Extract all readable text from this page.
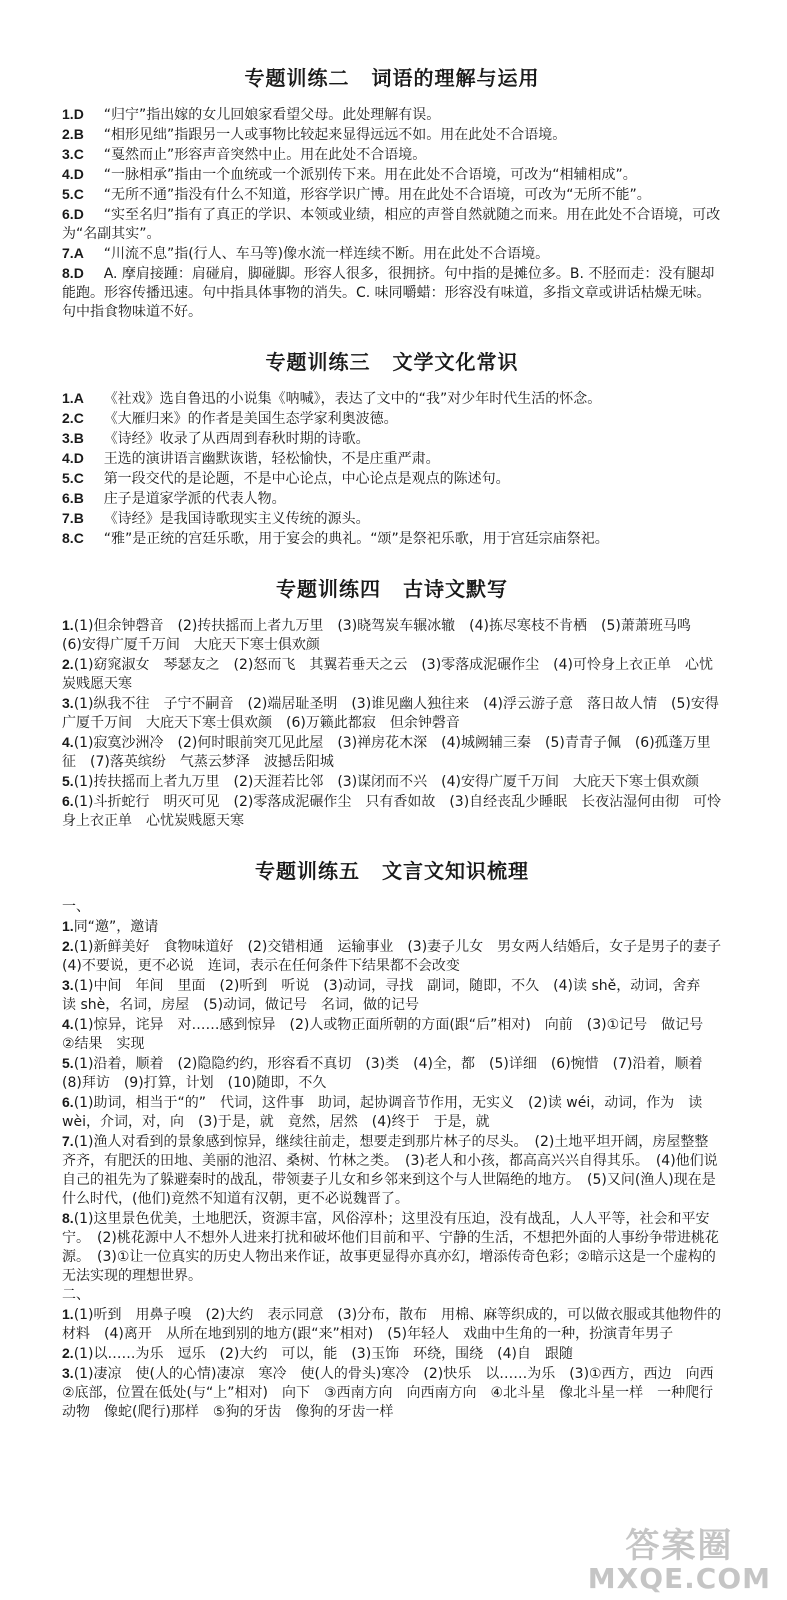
专题训练二 词语的理解与运用

1.D “归宁”指出嫁的女儿回娘家看望父母。此处理解有误。

2.B “相形见绌”指跟另一人或事物比较起来显得远远不如。用在此处不合语境。

3.C “戛然而止”形容声音突然中止。用在此处不合语境。

4.D “一脉相承”指由一个血统或一个派别传下来。用在此处不合语境，可改为“相辅相成”。

5.C “无所不通”指没有什么不知道，形容学识广博。用在此处不合语境，可改为“无所不能”。

6.D “实至名归”指有了真正的学识、本领或业绩，相应的声誉自然就随之而来。用在此处不合语境，可改为“名副其实”。

7.A “川流不息”指(行人、车马等)像水流一样连续不断。用在此处不合语境。

8.D A. 摩肩接踵：肩碰肩，脚碰脚。形容人很多，很拥挤。句中指的是摊位多。B. 不胫而走：没有腿却能跑。形容传播迅速。句中指具体事物的消失。C. 味同嚼蜡：形容没有味道，多指文章或讲话枯燥无味。句中指食物味道不好。

专题训练三 文学文化常识

1.A 《社戏》选自鲁迅的小说集《呐喊》，表达了文中的“我”对少年时代生活的怀念。

2.C 《大雁归来》的作者是美国生态学家利奥波德。

3.B 《诗经》收录了从西周到春秋时期的诗歌。

4.D 王选的演讲语言幽默诙谐，轻松愉快，不是庄重严肃。

5.C 第一段交代的是论题，不是中心论点，中心论点是观点的陈述句。

6.B 庄子是道家学派的代表人物。

7.B 《诗经》是我国诗歌现实主义传统的源头。

8.C “雅”是正统的宫廷乐歌，用于宴会的典礼。“颂”是祭祀乐歌，用于宫廷宗庙祭祀。

专题训练四 古诗文默写

1.(1)但余钟磬音　(2)抟扶摇而上者九万里　(3)晓驾炭车辗冰辙　(4)拣尽寒枝不肯栖　(5)萧萧班马鸣　(6)安得广厦千万间　大庇天下寒士俱欢颜

2.(1)窈窕淑女　琴瑟友之　(2)怒而飞　其翼若垂天之云　(3)零落成泥碾作尘　(4)可怜身上衣正单　心忧炭贱愿天寒

3.(1)纵我不往　子宁不嗣音　(2)端居耻圣明　(3)谁见幽人独往来　(4)浮云游子意　落日故人情　(5)安得广厦千万间　大庇天下寒士俱欢颜　(6)万籁此都寂　但余钟磬音

4.(1)寂寞沙洲冷　(2)何时眼前突兀见此屋　(3)禅房花木深　(4)城阙辅三秦　(5)青青子佩　(6)孤蓬万里征　(7)落英缤纷　气蒸云梦泽　波撼岳阳城

5.(1)抟扶摇而上者九万里　(2)天涯若比邻　(3)谋闭而不兴　(4)安得广厦千万间　大庇天下寒士俱欢颜

6.(1)斗折蛇行　明灭可见　(2)零落成泥碾作尘　只有香如故　(3)自经丧乱少睡眠　长夜沾湿何由彻　可怜身上衣正单　心忧炭贱愿天寒

专题训练五 文言文知识梳理

一、

1.同“邀”，邀请

2.(1)新鲜美好　食物味道好　(2)交错相通　运输事业　(3)妻子儿女　男女两人结婚后，女子是男子的妻子　(4)不要说，更不必说　连词，表示在任何条件下结果都不会改变

3.(1)中间　年间　里面　(2)听到　听说　(3)动词，寻找　副词，随即，不久　(4)读 shě，动词，舍弃　读 shè，名词，房屋　(5)动词，做记号　名词，做的记号

4.(1)惊异，诧异　对……感到惊异　(2)人或物正面所朝的方面(跟“后”相对)　向前　(3)①记号　做记号　②结果　实现

5.(1)沿着，顺着　(2)隐隐约约，形容看不真切　(3)类　(4)全，都　(5)详细　(6)惋惜　(7)沿着，顺着　(8)拜访　(9)打算，计划　(10)随即，不久

6.(1)助词，相当于“的”　代词，这件事　助词，起协调音节作用，无实义　(2)读 wéi，动词，作为　读 wèi，介词，对，向　(3)于是，就　竟然，居然　(4)终于　于是，就

7.(1)渔人对看到的景象感到惊异，继续往前走，想要走到那片林子的尽头。　(2)土地平坦开阔，房屋整整齐齐，有肥沃的田地、美丽的池沼、桑树、竹林之类。　(3)老人和小孩，都高高兴兴自得其乐。　(4)他们说自己的祖先为了躲避秦时的战乱，带领妻子儿女和乡邻来到这个与人世隔绝的地方。　(5)又问(渔人)现在是什么时代，(他们)竟然不知道有汉朝，更不必说魏晋了。

8.(1)这里景色优美，土地肥沃，资源丰富，风俗淳朴；这里没有压迫，没有战乱，人人平等，社会和平安宁。　(2)桃花源中人不想外人进来打扰和破坏他们目前和平、宁静的生活，不想把外面的人事纷争带进桃花源。　(3)①让一位真实的历史人物出来作证，故事更显得亦真亦幻，增添传奇色彩；②暗示这是一个虚构的无法实现的理想世界。

二、

1.(1)听到　用鼻子嗅　(2)大约　表示同意　(3)分布，散布　用棉、麻等织成的，可以做衣服或其他物件的材料　(4)离开　从所在地到别的地方(跟“来”相对)　(5)年轻人　戏曲中生角的一种，扮演青年男子

2.(1)以……为乐　逗乐　(2)大约　可以，能　(3)玉饰　环绕，围绕　(4)自　跟随

3.(1)凄凉　使(人的心情)凄凉　寒冷　使(人的骨头)寒冷　(2)快乐　以……为乐　(3)①西方，西边　向西　②底部，位置在低处(与“上”相对)　向下　③西南方向　向西南方向　④北斗星　像北斗星一样　一种爬行动物　像蛇(爬行)那样　⑤狗的牙齿　像狗的牙齿一样

答案圈
MXQE.COM
